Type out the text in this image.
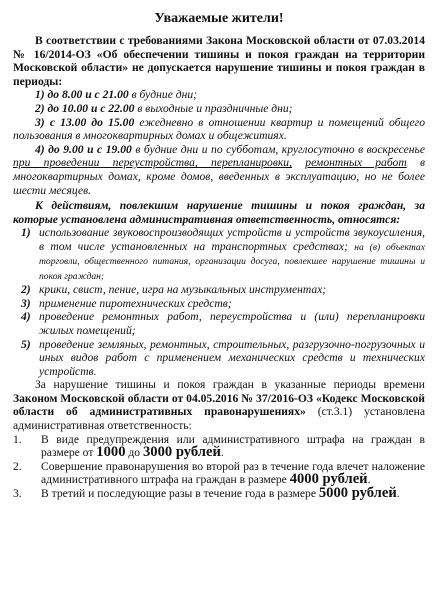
Уважаемые жители!

В соответствии с требованиями Закона Московской области от 07.03.2014 № 16/2014-ОЗ «Об обеспечении тишины и покоя граждан на территории Московской области» не допускается нарушение тишины и покоя граждан в периоды:

1) до 8.00 и с 21.00 в будние дни;

2) до 10.00 и с 22.00 в выходные и праздничные дни;

3) с 13.00 до 15.00 ежедневно в отношении квартир и помещений общего пользования в многоквартирных домах и общежитиях.

4) до 9.00 и с 19.00 в будние дни и по субботам, круглосуточно в воскресенье при проведении переустройства, перепланировки, ремонтных работ в многоквартирных домах, кроме домов, введенных в эксплуатацию, но не более шести месяцев.

К действиям, повлекшим нарушение тишины и покоя граждан, за которые установлена административная ответственность, относятся:

1) использование звуковоспроизводящих устройств и устройств звукоусиления, в том числе установленных на транспортных средствах; на (в) объектах торговли, общественного питания, организации досуга, повлекшее нарушение тишины и покоя граждан;
2) крики, свист, пение, игра на музыкальных инструментах;
3) применение пиротехнических средств;
4) проведение ремонтных работ, переустройства и (или) перепланировки жилых помещений;
5) проведение земляных, ремонтных, строительных, разгрузочно-погрузочных и иных видов работ с применением механических средств и технических устройств.

За нарушение тишины и покоя граждан в указанные периоды времени Законом Московской области от 04.05.2016 № 37/2016-ОЗ «Кодекс Московской области об административных правонарушениях» (ст.3.1) установлена административная ответственность:

1.	В виде предупреждения или административного штрафа на граждан в размере от 1000 до 3000 рублей.
2.	Совершение правонарушения во второй раз в течение года влечет наложение административного штрафа на граждан в размере 4000 рублей.
3.	В третий и последующие разы в течение года в размере 5000 рублей.
